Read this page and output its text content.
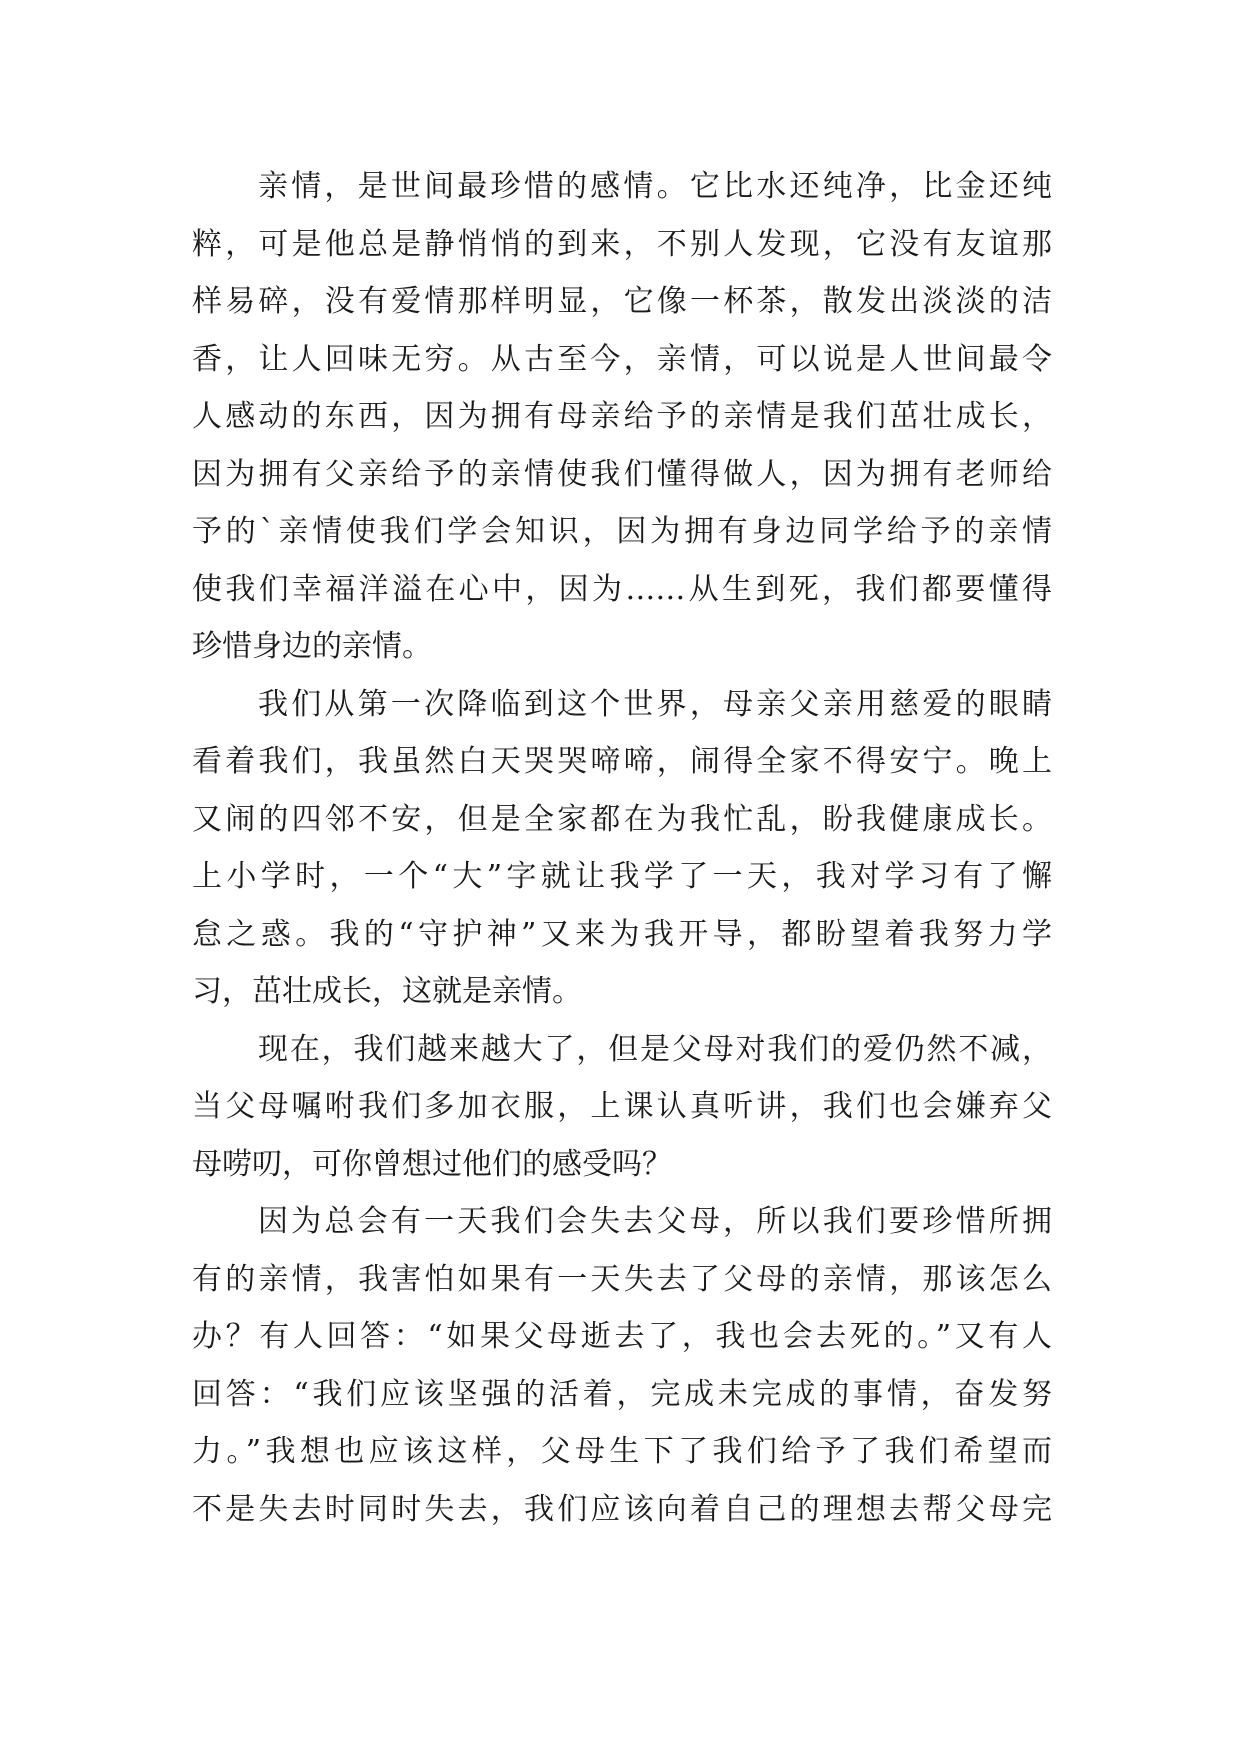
亲情，是世间最珍惜的感情。它比水还纯净，比金还纯
粹，可是他总是静悄悄的到来，不别人发现，它没有友谊那
样易碎，没有爱情那样明显，它像一杯茶，散发出淡淡的洁
香，让人回味无穷。从古至今，亲情，可以说是人世间最令
人感动的东西，因为拥有母亲给予的亲情是我们茁壮成长，
因为拥有父亲给予的亲情使我们懂得做人，因为拥有老师给
予的`亲情使我们学会知识，因为拥有身边同学给予的亲情
使我们幸福洋溢在心中，因为……从生到死，我们都要懂得
珍惜身边的亲情。
我们从第一次降临到这个世界，母亲父亲用慈爱的眼睛
看着我们，我虽然白天哭哭啼啼，闹得全家不得安宁。晚上
又闹的四邻不安，但是全家都在为我忙乱，盼我健康成长。
上小学时，一个“大”字就让我学了一天，我对学习有了懈
怠之惑。我的“守护神”又来为我开导，都盼望着我努力学
习，茁壮成长，这就是亲情。
现在，我们越来越大了，但是父母对我们的爱仍然不减，
当父母嘱咐我们多加衣服，上课认真听讲，我们也会嫌弃父
母唠叨，可你曾想过他们的感受吗？
因为总会有一天我们会失去父母，所以我们要珍惜所拥
有的亲情，我害怕如果有一天失去了父母的亲情，那该怎么
办？有人回答：“如果父母逝去了，我也会去死的。”又有人
回答：“我们应该坚强的活着，完成未完成的事情，奋发努
力。”我想也应该这样，父母生下了我们给予了我们希望而
不是失去时同时失去，我们应该向着自己的理想去帮父母完
